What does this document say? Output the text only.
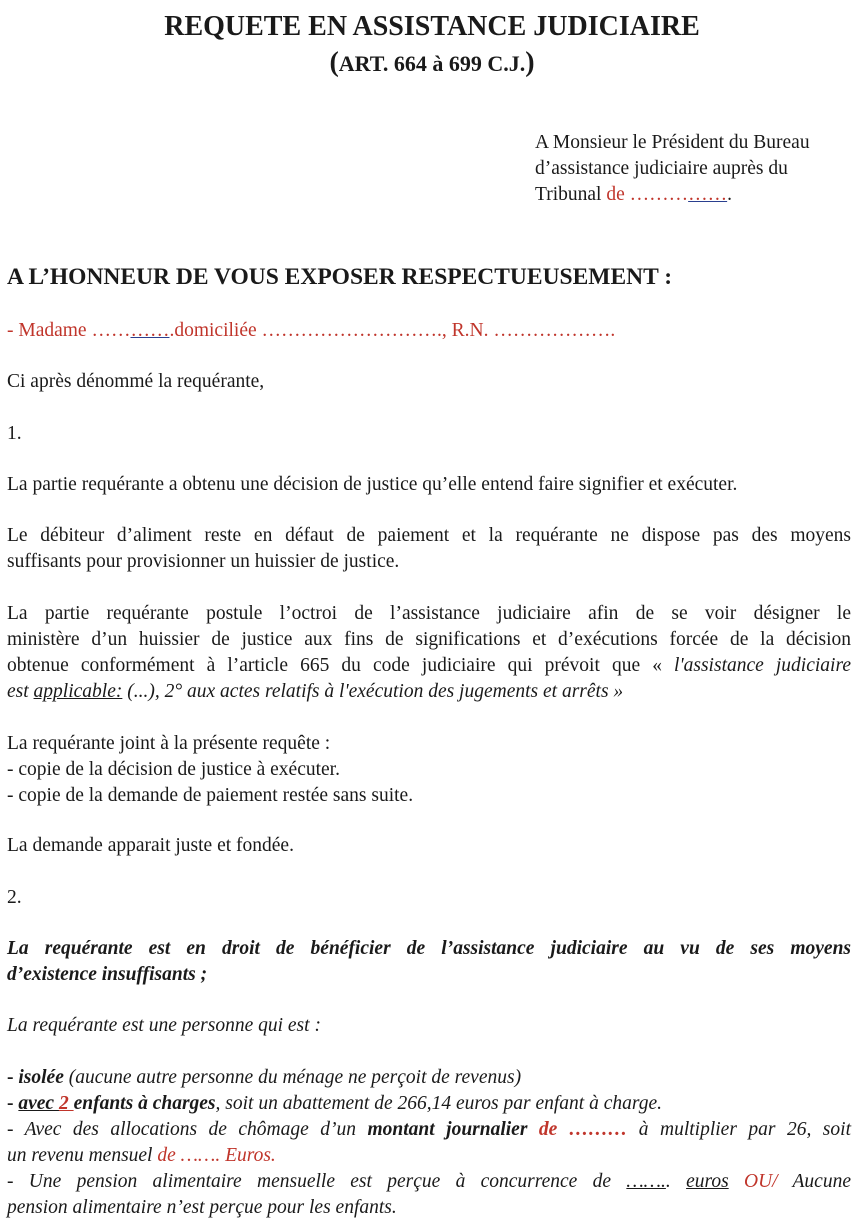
REQUETE EN ASSISTANCE JUDICIAIRE
(ART. 664 à 699 C.J.)
A Monsieur le Président du Bureau
d’assistance judiciaire auprès du
Tribunal de …………….
A L’HONNEUR DE VOUS EXPOSER RESPECTUEUSEMENT :
- Madame ………….domiciliée ………………………., R.N. ……………….
Ci après dénommé la requérante,
1.
La partie requérante a obtenu une décision de justice qu’elle entend faire signifier et exécuter.
Le débiteur d’aliment reste en défaut de paiement et la requérante ne dispose pas des moyens
suffisants pour provisionner un huissier de justice.
La partie requérante postule l’octroi de l’assistance judiciaire afin de se voir désigner le
ministère d’un huissier de justice aux fins de significations et d’exécutions forcée de la décision
obtenue conformément à l’article 665 du code judiciaire qui prévoit que « l'assistance judiciaire
est applicable: (...), 2° aux actes relatifs à l'exécution des jugements et arrêts »
La requérante joint à la présente requête :
- copie de la décision de justice à exécuter.
- copie de la demande de paiement restée sans suite.
La demande apparait juste et fondée.
2.
La requérante est en droit de bénéficier de l’assistance judiciaire au vu de ses moyens
d’existence insuffisants ;
La requérante est une personne qui est :
- isolée (aucune autre personne du ménage ne perçoit de revenus)
- avec 2 enfants à charges, soit un abattement de 266,14 euros par enfant à charge.
- Avec des allocations de chômage d’un montant journalier de ……… à multiplier par 26, soit
un revenu mensuel de ……. Euros.
- Une pension alimentaire mensuelle est perçue à concurrence de …….. euros OU/ Aucune
pension alimentaire n’est perçue pour les enfants.
